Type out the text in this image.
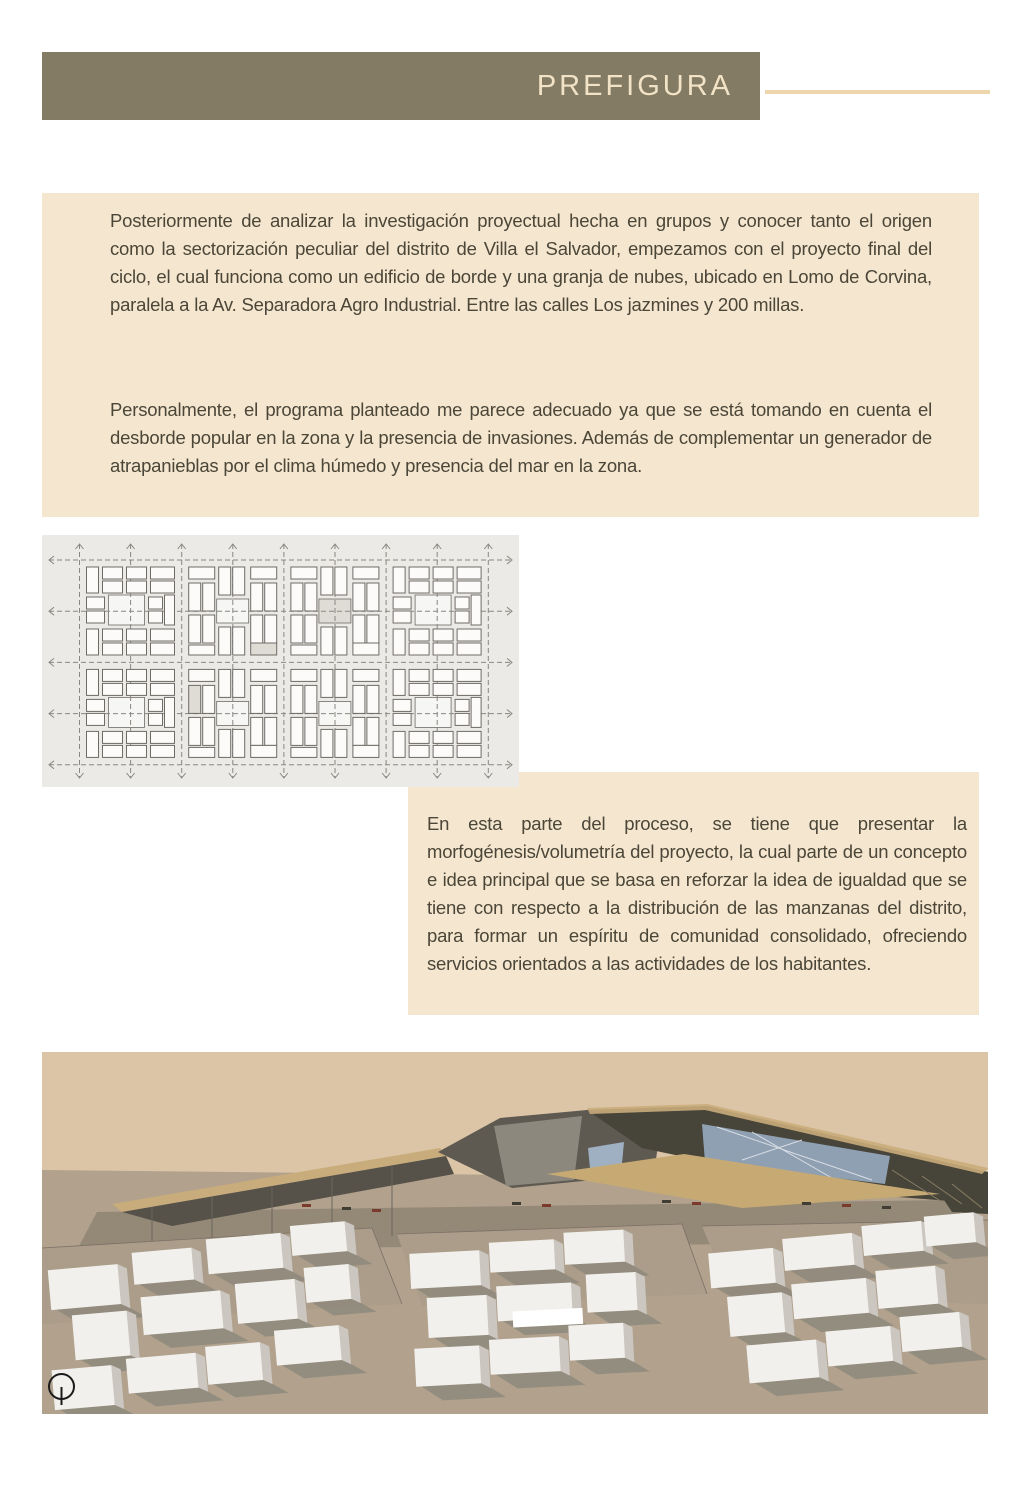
PREFIGURA

Posteriormente de analizar la investigación proyectual hecha en grupos y conocer tanto el origen como la sectorización peculiar del distrito de Villa el Salvador, empezamos con el proyecto final del ciclo, el cual funciona como un edificio de borde y una granja de nubes, ubicado en Lomo de Corvina, paralela a la Av. Separadora Agro Industrial. Entre las calles Los jazmines y 200 millas.

Personalmente, el programa planteado me parece adecuado ya que se está tomando en cuenta el desborde popular en la zona y la presencia de invasiones. Además de complementar un generador de atrapanieblas por el clima húmedo y presencia del mar en la zona.

En esta parte del proceso, se tiene que presentar la morfogénesis/volumetría del proyecto, la cual parte de un concepto e idea principal que se basa en reforzar la idea de igualdad que se tiene con respecto a la distribución de las manzanas del distrito, para formar un espíritu de comunidad consolidado, ofreciendo servicios orientados a las actividades de los habitantes.
